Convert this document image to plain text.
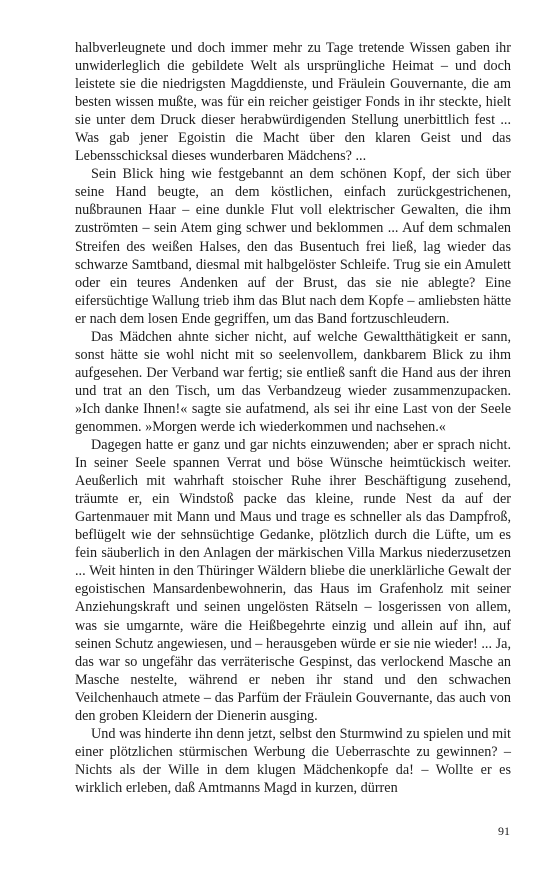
halbverleugnete und doch immer mehr zu Tage tretende Wissen gaben ihr unwiderleglich die gebildete Welt als ursprüngliche Heimat – und doch leistete sie die niedrigsten Magddienste, und Fräulein Gouvernante, die am besten wissen mußte, was für ein reicher geistiger Fonds in ihr steckte, hielt sie unter dem Druck dieser herabwürdigenden Stellung unerbittlich fest ... Was gab jener Egoistin die Macht über den klaren Geist und das Lebensschicksal dieses wunderbaren Mädchens? ...

Sein Blick hing wie festgebannt an dem schönen Kopf, der sich über seine Hand beugte, an dem köstlichen, einfach zurückgestrichenen, nußbraunen Haar – eine dunkle Flut voll elektrischer Gewalten, die ihm zuströmten – sein Atem ging schwer und beklommen ... Auf dem schmalen Streifen des weißen Halses, den das Busentuch frei ließ, lag wieder das schwarze Samtband, diesmal mit halbgelöster Schleife. Trug sie ein Amulett oder ein teures Andenken auf der Brust, das sie nie ablegte? Eine eifersüchtige Wallung trieb ihm das Blut nach dem Kopfe – amliebsten hätte er nach dem losen Ende gegriffen, um das Band fortzuschleudern.

Das Mädchen ahnte sicher nicht, auf welche Gewaltthätigkeit er sann, sonst hätte sie wohl nicht mit so seelenvollem, dankbarem Blick zu ihm aufgesehen. Der Verband war fertig; sie entließ sanft die Hand aus der ihren und trat an den Tisch, um das Verbandzeug wieder zusammenzupacken. »Ich danke Ihnen!« sagte sie aufatmend, als sei ihr eine Last von der Seele genommen. »Morgen werde ich wiederkommen und nachsehen.«

Dagegen hatte er ganz und gar nichts einzuwenden; aber er sprach nicht. In seiner Seele spannen Verrat und böse Wünsche heimtückisch weiter. Aeußerlich mit wahrhaft stoischer Ruhe ihrer Beschäftigung zusehend, träumte er, ein Windstoß packe das kleine, runde Nest da auf der Gartenmauer mit Mann und Maus und trage es schneller als das Dampfroß, beflügelt wie der sehnsüchtige Gedanke, plötzlich durch die Lüfte, um es fein säuberlich in den Anlagen der märkischen Villa Markus niederzusetzen ... Weit hinten in den Thüringer Wäldern bliebe die unerklärliche Gewalt der egoistischen Mansardenbewohnerin, das Haus im Grafenholz mit seiner Anziehungskraft und seinen ungelösten Rätseln – losgerissen von allem, was sie umgarnte, wäre die Heißbegehrte einzig und allein auf ihn, auf seinen Schutz angewiesen, und – herausgeben würde er sie nie wieder! ... Ja, das war so ungefähr das verräterische Gespinst, das verlockend Masche an Masche nestelte, während er neben ihr stand und den schwachen Veilchenhauch atmete – das Parfüm der Fräulein Gouvernante, das auch von den groben Kleidern der Dienerin ausging.

Und was hinderte ihn denn jetzt, selbst den Sturmwind zu spielen und mit einer plötzlichen stürmischen Werbung die Ueberraschte zu gewinnen? – Nichts als der Wille in dem klugen Mädchenkopfe da! – Wollte er es wirklich erleben, daß Amtmanns Magd in kurzen, dürren

91
